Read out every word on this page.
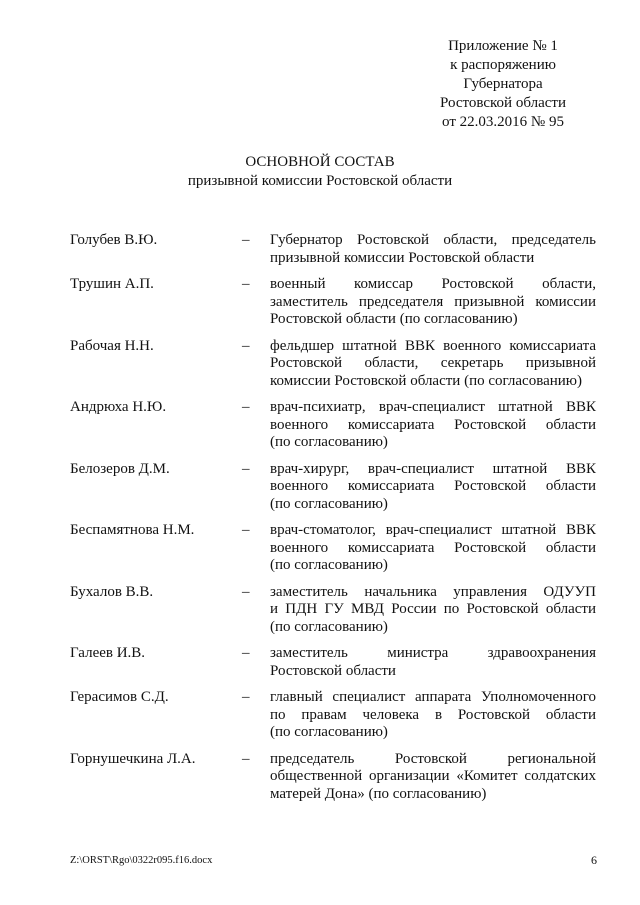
Приложение № 1
к распоряжению
Губернатора
Ростовской области
от 22.03.2016 № 95
ОСНОВНОЙ СОСТАВ
призывной комиссии Ростовской области
Голубев В.Ю.	–	Губернатор Ростовской области, председатель
призывной комиссии Ростовской области
Трушин А.П.	–	военный комиссар Ростовской области,
заместитель председателя призывной комиссии
Ростовской области (по согласованию)
Рабочая Н.Н.	–	фельдшер штатной ВВК военного комиссариата
Ростовской области, секретарь призывной
комиссии Ростовской области (по согласованию)
Андрюха Н.Ю.	–	врач-психиатр, врач-специалист штатной ВВК
военного комиссариата Ростовской области
(по согласованию)
Белозеров Д.М.	–	врач-хирург, врач-специалист штатной ВВК
военного комиссариата Ростовской области
(по согласованию)
Беспамятнова Н.М.	–	врач-стоматолог, врач-специалист штатной ВВК
военного комиссариата Ростовской области
(по согласованию)
Бухалов В.В.	–	заместитель начальника управления ОДУУП
и ПДН ГУ МВД России по Ростовской области
(по согласованию)
Галеев И.В.	–	заместитель министра здравоохранения
Ростовской области
Герасимов С.Д.	–	главный специалист аппарата Уполномоченного
по правам человека в Ростовской области
(по согласованию)
Горнушечкина Л.А.	–	председатель Ростовской региональной
общественной организации «Комитет солдатских
матерей Дона» (по согласованию)
Z:\ORST\Rgo\0322r095.f16.docx	6
